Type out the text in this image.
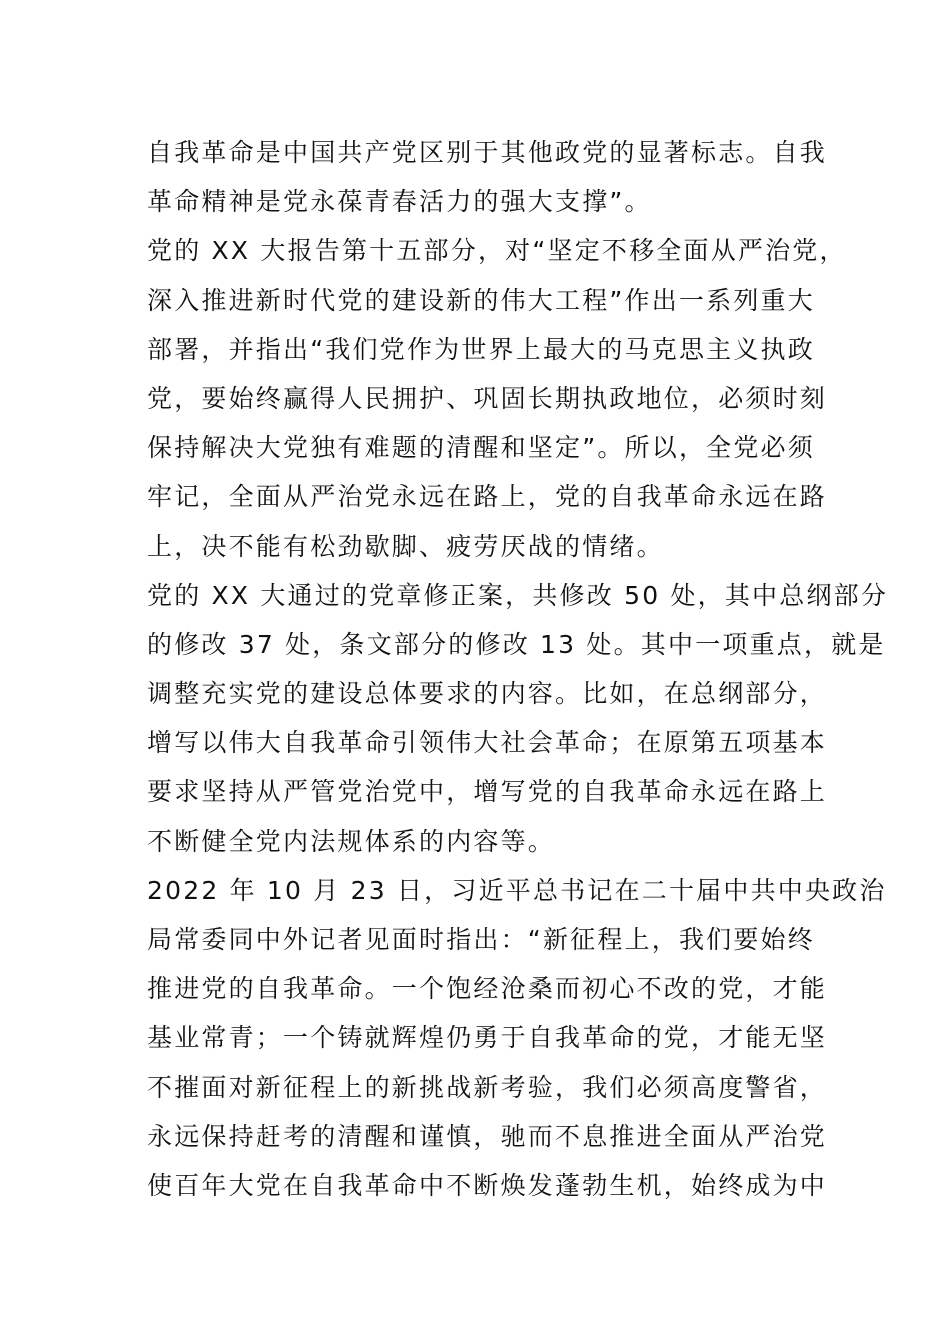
自我革命是中国共产党区别于其他政党的显著标志。自我
革命精神是党永葆青春活力的强大支撑”。
党的 XX 大报告第十五部分，对“坚定不移全面从严治党，
深入推进新时代党的建设新的伟大工程”作出一系列重大
部署，并指出“我们党作为世界上最大的马克思主义执政
党，要始终赢得人民拥护、巩固长期执政地位，必须时刻
保持解决大党独有难题的清醒和坚定”。所以，全党必须
牢记，全面从严治党永远在路上，党的自我革命永远在路
上，决不能有松劲歇脚、疲劳厌战的情绪。
党的 XX 大通过的党章修正案，共修改 50 处，其中总纲部分
的修改 37 处，条文部分的修改 13 处。其中一项重点，就是
调整充实党的建设总体要求的内容。比如，在总纲部分，
增写以伟大自我革命引领伟大社会革命；在原第五项基本
要求坚持从严管党治党中，增写党的自我革命永远在路上
不断健全党内法规体系的内容等。
2022 年 10 月 23 日，习近平总书记在二十届中共中央政治
局常委同中外记者见面时指出：“新征程上，我们要始终
推进党的自我革命。一个饱经沧桑而初心不改的党，才能
基业常青；一个铸就辉煌仍勇于自我革命的党，才能无坚
不摧面对新征程上的新挑战新考验，我们必须高度警省，
永远保持赶考的清醒和谨慎，驰而不息推进全面从严治党
使百年大党在自我革命中不断焕发蓬勃生机，始终成为中
